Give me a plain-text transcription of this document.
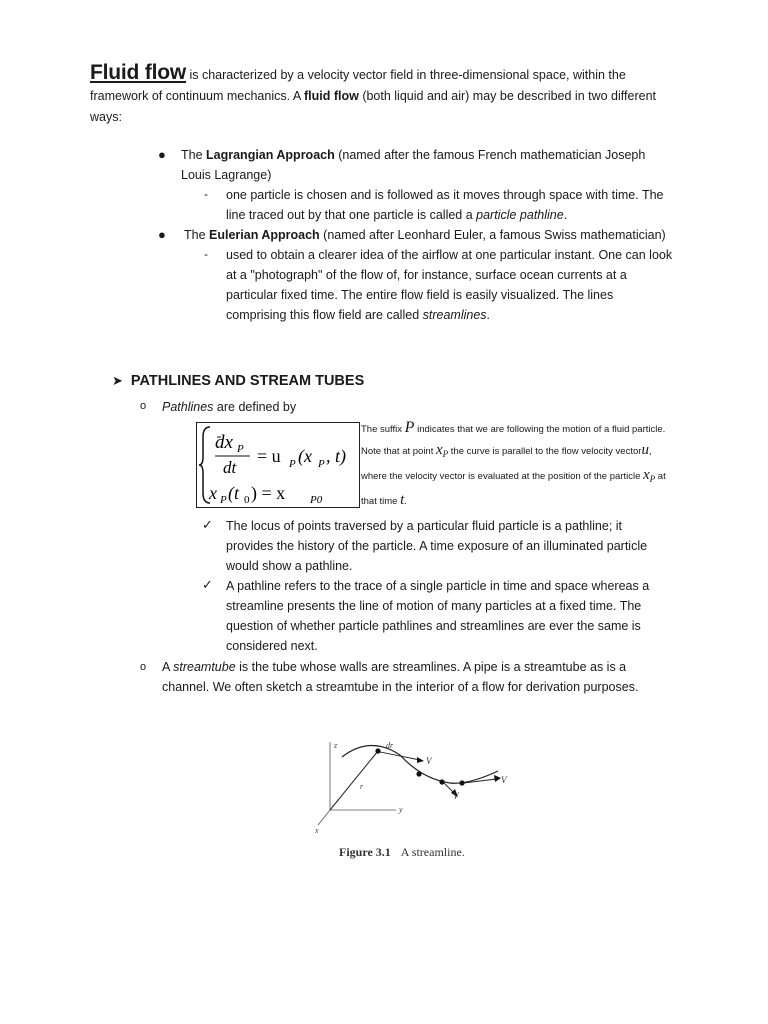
Fluid flow is characterized by a velocity vector field in three-dimensional space, within the framework of continuum mechanics. A fluid flow (both liquid and air) may be described in two different ways:

● The Lagrangian Approach (named after the famous French mathematician Joseph Louis Lagrange)

- one particle is chosen and is followed as it moves through space with time. The line traced out by that one particle is called a particle pathline.

● The Eulerian Approach (named after Leonhard Euler, a famous Swiss mathematician)

- used to obtain a clearer idea of the airflow at one particular instant. One can look at a "photograph" of the flow of, for instance, surface ocean currents at a particular fixed time. The entire flow field is easily visualized. The lines comprising this flow field are called streamlines.

➤ PATHLINES AND STREAM TUBES
o Pathlines are defined by

dx P
dt
= u P (x P , t)
x P (t 0 ) = x P0

The suffix P indicates that we are following the motion of a fluid particle. Note that at point $x_P$ the curve is parallel to the flow velocity vectoru, where the velocity vector is evaluated at the position of the particle $x_P$ at that time t.

✓ The locus of points traversed by a particular fluid particle is a pathline; it provides the history of the particle. A time exposure of an illuminated particle would show a pathline.

✓ A pathline refers to the trace of a single particle in time and space whereas a streamline presents the line of motion of many particles at a fixed time. The question of whether particle pathlines and streamlines are ever the same is considered next.

o A streamtube is the tube whose walls are streamlines. A pipe is a streamtube as is a channel. We often sketch a streamtube in the interior of a flow for derivation purposes.

z
y
x
r
dr
V
V
V
Figure 3.1 A streamline.
